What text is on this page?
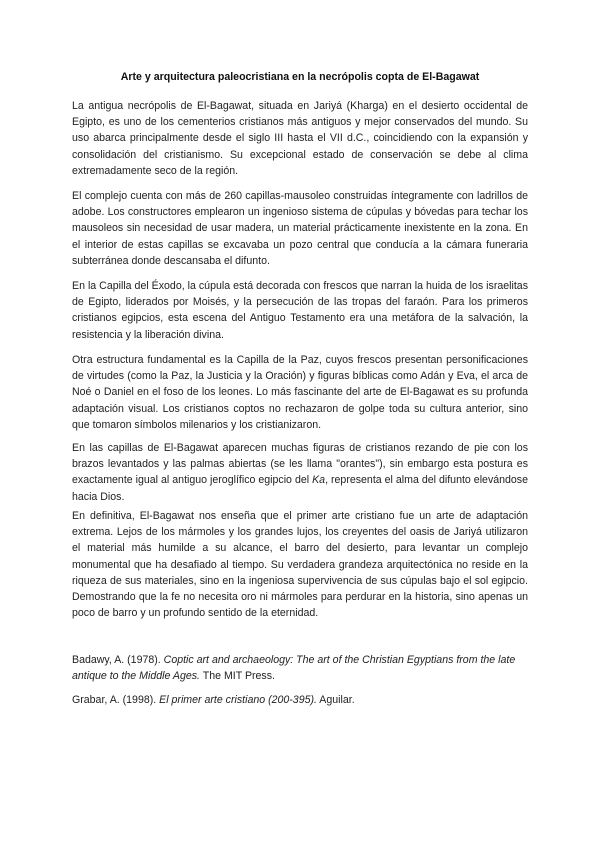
Arte y arquitectura paleocristiana en la necrópolis copta de El-Bagawat

La antigua necrópolis de El-Bagawat, situada en Jariyá (Kharga) en el desierto occidental de Egipto, es uno de los cementerios cristianos más antiguos y mejor conservados del mundo. Su uso abarca principalmente desde el siglo III hasta el VII d.C., coincidiendo con la expansión y consolidación del cristianismo. Su excepcional estado de conservación se debe al clima extremadamente seco de la región.

El complejo cuenta con más de 260 capillas-mausoleo construidas íntegramente con ladrillos de adobe. Los constructores emplearon un ingenioso sistema de cúpulas y bóvedas para techar los mausoleos sin necesidad de usar madera, un material prácticamente inexistente en la zona. En el interior de estas capillas se excavaba un pozo central que conducía a la cámara funeraria subterránea donde descansaba el difunto.

En la Capilla del Éxodo, la cúpula está decorada con frescos que narran la huida de los israelitas de Egipto, liderados por Moisés, y la persecución de las tropas del faraón. Para los primeros cristianos egipcios, esta escena del Antiguo Testamento era una metáfora de la salvación, la resistencia y la liberación divina.

Otra estructura fundamental es la Capilla de la Paz, cuyos frescos presentan personificaciones de virtudes (como la Paz, la Justicia y la Oración) y figuras bíblicas como Adán y Eva, el arca de Noé o Daniel en el foso de los leones. Lo más fascinante del arte de El-Bagawat es su profunda adaptación visual. Los cristianos coptos no rechazaron de golpe toda su cultura anterior, sino que tomaron símbolos milenarios y los cristianizaron.

En las capillas de El-Bagawat aparecen muchas figuras de cristianos rezando de pie con los brazos levantados y las palmas abiertas (se les llama "orantes"), sin embargo esta postura es exactamente igual al antiguo jeroglífico egipcio del Ka, representa el alma del difunto elevándose hacia Dios.

En definitiva, El-Bagawat nos enseña que el primer arte cristiano fue un arte de adaptación extrema. Lejos de los mármoles y los grandes lujos, los creyentes del oasis de Jariyá utilizaron el material más humilde a su alcance, el barro del desierto, para levantar un complejo monumental que ha desafiado al tiempo. Su verdadera grandeza arquitectónica no reside en la riqueza de sus materiales, sino en la ingeniosa supervivencia de sus cúpulas bajo el sol egipcio. Demostrando que la fe no necesita oro ni mármoles para perdurar en la historia, sino apenas un poco de barro y un profundo sentido de la eternidad.

Badawy, A. (1978). Coptic art and archaeology: The art of the Christian Egyptians from the late antique to the Middle Ages. The MIT Press.

Grabar, A. (1998). El primer arte cristiano (200-395). Aguilar.
